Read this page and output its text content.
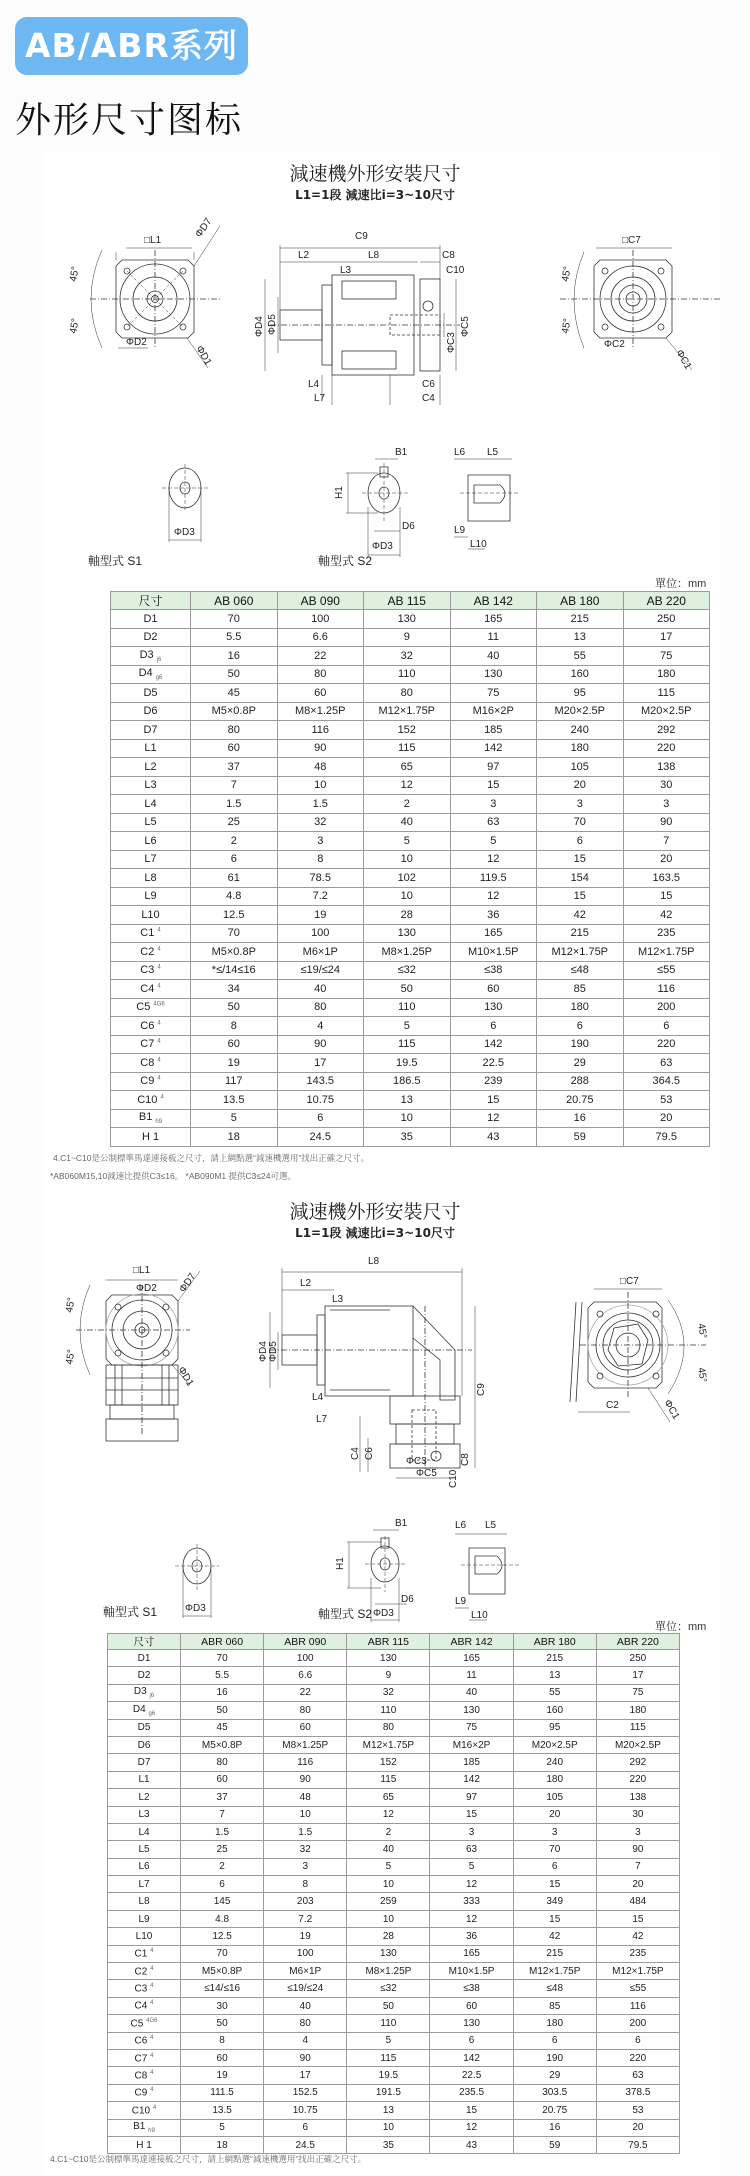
AB/ABR系列
外形尺寸图标
減速機外形安裝尺寸
L1=1段 減速比i=3~10尺寸
□L1
ΦD7
45°
45°
ΦD2
ΦD1
C9
L2	L8	C8
L3	C10
ΦD4 ΦD5	ΦC5
ΦC3
L4
L7
C6
C4
□C7
45°
45°
ΦC2
ΦC1
ΦD3
軸型式 S1
B1	L6 L5
H1
D6	L9
L10
ΦD3
軸型式 S2
單位：mm
尺寸	AB 060	AB 090	AB 115	AB 142	AB 180	AB 220
D1	70	100	130	165	215	250
D2	5.5	6.6	9	11	13	17
D3 $_{j6}$	16	22	32	40	55	75
D4 $_{g6}$	50	80	110	130	160	180
D5	45	60	80	75	95	115
D6	M5×0.8P	M8×1.25P	M12×1.75P	M16×2P	M20×2.5P	M20×2.5P
D7	80	116	152	185	240	292
L1	60	90	115	142	180	220
L2	37	48	65	97	105	138
L3	7	10	12	15	20	30
L4	1.5	1.5	2	3	3	3
L5	25	32	40	63	70	90
L6	2	3	5	5	6	7
L7	6	8	10	12	15	20
L8	61	78.5	102	119.5	154	163.5
L9	4.8	7.2	10	12	15	15
L10	12.5	19	28	36	42	42
C1 $^4$	70	100	130	165	215	235
C2 $^4$	M5×0.8P	M6×1P	M8×1.25P	M10×1.5P	M12×1.75P	M12×1.75P
C3 $^4$	*≤/14≤16	≤19/≤24	≤32	≤38	≤48	≤55
C4 $^4$	34	40	50	60	85	116
C5 $^{4G6}$	50	80	110	130	180	200
C6 $^4$	8	4	5	6	6	6
C7 $^4$	60	90	115	142	190	220
C8 $^4$	19	17	19.5	22.5	29	63
C9 $^4$	117	143.5	186.5	239	288	364.5
C10 $^4$	13.5	10.75	13	15	20.75	53
B1 $_{h9}$	5	6	10	12	16	20
H 1	18	24.5	35	43	59	79.5
4.C1~C10是公制標準馬達連接板之尺寸，請上網點選“減速機選用”找出正確之尺寸。
*AB060M15,10減速比提供C3≤16。 *AB090M1 提供C3≤24可選。
減速機外形安裝尺寸
L1=1段 減速比i=3~10尺寸
□L1
ΦD2 ΦD7
45°
45°
ΦD1
L8
L2
L3
ΦD4 ΦD5
C9
L4
L7
C4 C6	C8
ΦC3
C10
ΦC5
□C7
45°
45°
C2	ΦC1
ΦD3
軸型式 S1
B1	L6 L5
H1
D6	L9
L10
ΦD3
軸型式 S2
單位：mm
尺寸	ABR 060	ABR 090	ABR 115	ABR 142	ABR 180	ABR 220
D1	70	100	130	165	215	250
D2	5.5	6.6	9	11	13	17
D3 $_{j6}$	16	22	32	40	55	75
D4 $_{g6}$	50	80	110	130	160	180
D5	45	60	80	75	95	115
D6	M5×0.8P	M8×1.25P	M12×1.75P	M16×2P	M20×2.5P	M20×2.5P
D7	80	116	152	185	240	292
L1	60	90	115	142	180	220
L2	37	48	65	97	105	138
L3	7	10	12	15	20	30
L4	1.5	1.5	2	3	3	3
L5	25	32	40	63	70	90
L6	2	3	5	5	6	7
L7	6	8	10	12	15	20
L8	145	203	259	333	349	484
L9	4.8	7.2	10	12	15	15
L10	12.5	19	28	36	42	42
C1 $^4$	70	100	130	165	215	235
C2 $^4$	M5×0.8P	M6×1P	M8×1.25P	M10×1.5P	M12×1.75P	M12×1.75P
C3 $^4$	≤14/≤16	≤19/≤24	≤32	≤38	≤48	≤55
C4 $^4$	30	40	50	60	85	116
C5 $^{4G6}$	50	80	110	130	180	200
C6 $^4$	8	4	5	6	6	6
C7 $^4$	60	90	115	142	190	220
C8 $^4$	19	17	19.5	22.5	29	63
C9 $^4$	111.5	152.5	191.5	235.5	303.5	378.5
C10 $^4$	13.5	10.75	13	15	20.75	53
B1 $_{h9}$	5	6	10	12	16	20
H 1	18	24.5	35	43	59	79.5
4.C1~C10是公制標準馬達連接板之尺寸，請上網點選“減速機選用”找出正確之尺寸。
